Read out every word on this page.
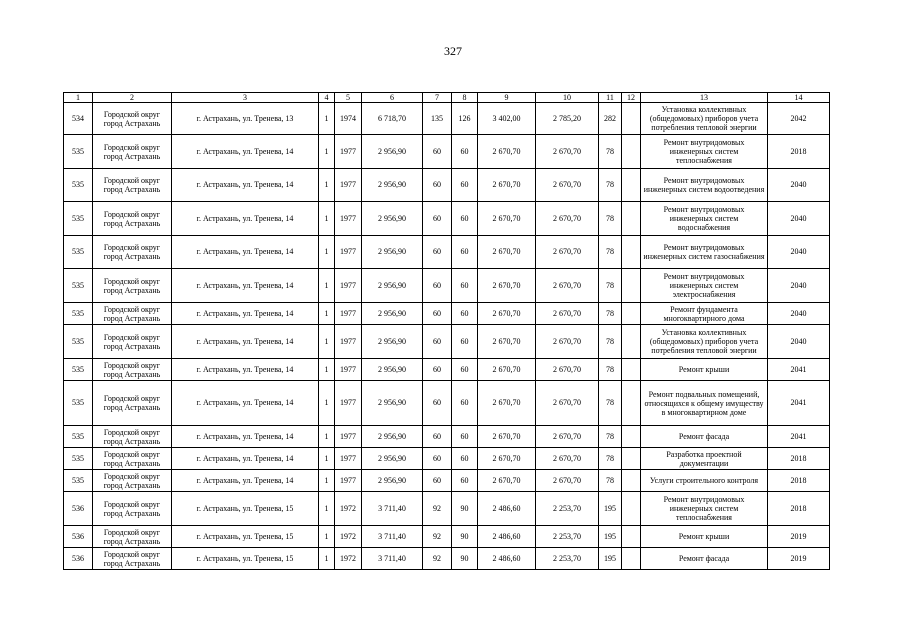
327
1	2	3	4	5	6	7	8	9	10	11	12	13	14
534	Городской округ город Астрахань	г. Астрахань, ул. Тренева, 13	1	1974	6 718,70	135	126	3 402,00	2 785,20	282		Установка коллективных (общедомовых) приборов учета потребления тепловой энергии	2042
535	Городской округ город Астрахань	г. Астрахань, ул. Тренева, 14	1	1977	2 956,90	60	60	2 670,70	2 670,70	78		Ремонт внутридомовых инженерных систем теплоснабжения	2018
535	Городской округ город Астрахань	г. Астрахань, ул. Тренева, 14	1	1977	2 956,90	60	60	2 670,70	2 670,70	78		Ремонт внутридомовых инженерных систем водоотведения	2040
535	Городской округ город Астрахань	г. Астрахань, ул. Тренева, 14	1	1977	2 956,90	60	60	2 670,70	2 670,70	78		Ремонт внутридомовых инженерных систем водоснабжения	2040
535	Городской округ город Астрахань	г. Астрахань, ул. Тренева, 14	1	1977	2 956,90	60	60	2 670,70	2 670,70	78		Ремонт внутридомовых инженерных систем газоснабжения	2040
535	Городской округ город Астрахань	г. Астрахань, ул. Тренева, 14	1	1977	2 956,90	60	60	2 670,70	2 670,70	78		Ремонт внутридомовых инженерных систем электроснабжения	2040
535	Городской округ город Астрахань	г. Астрахань, ул. Тренева, 14	1	1977	2 956,90	60	60	2 670,70	2 670,70	78		Ремонт фундамента многоквартирного дома	2040
535	Городской округ город Астрахань	г. Астрахань, ул. Тренева, 14	1	1977	2 956,90	60	60	2 670,70	2 670,70	78		Установка коллективных (общедомовых) приборов учета потребления тепловой энергии	2040
535	Городской округ город Астрахань	г. Астрахань, ул. Тренева, 14	1	1977	2 956,90	60	60	2 670,70	2 670,70	78		Ремонт крыши	2041
535	Городской округ город Астрахань	г. Астрахань, ул. Тренева, 14	1	1977	2 956,90	60	60	2 670,70	2 670,70	78		Ремонт подвальных помещений, относящихся к общему имуществу в многоквартирном доме	2041
535	Городской округ город Астрахань	г. Астрахань, ул. Тренева, 14	1	1977	2 956,90	60	60	2 670,70	2 670,70	78		Ремонт фасада	2041
535	Городской округ город Астрахань	г. Астрахань, ул. Тренева, 14	1	1977	2 956,90	60	60	2 670,70	2 670,70	78		Разработка проектной документации	2018
535	Городской округ город Астрахань	г. Астрахань, ул. Тренева, 14	1	1977	2 956,90	60	60	2 670,70	2 670,70	78		Услуги строительного контроля	2018
536	Городской округ город Астрахань	г. Астрахань, ул. Тренева, 15	1	1972	3 711,40	92	90	2 486,60	2 253,70	195		Ремонт внутридомовых инженерных систем теплоснабжения	2018
536	Городской округ город Астрахань	г. Астрахань, ул. Тренева, 15	1	1972	3 711,40	92	90	2 486,60	2 253,70	195		Ремонт крыши	2019
536	Городской округ город Астрахань	г. Астрахань, ул. Тренева, 15	1	1972	3 711,40	92	90	2 486,60	2 253,70	195		Ремонт фасада	2019
